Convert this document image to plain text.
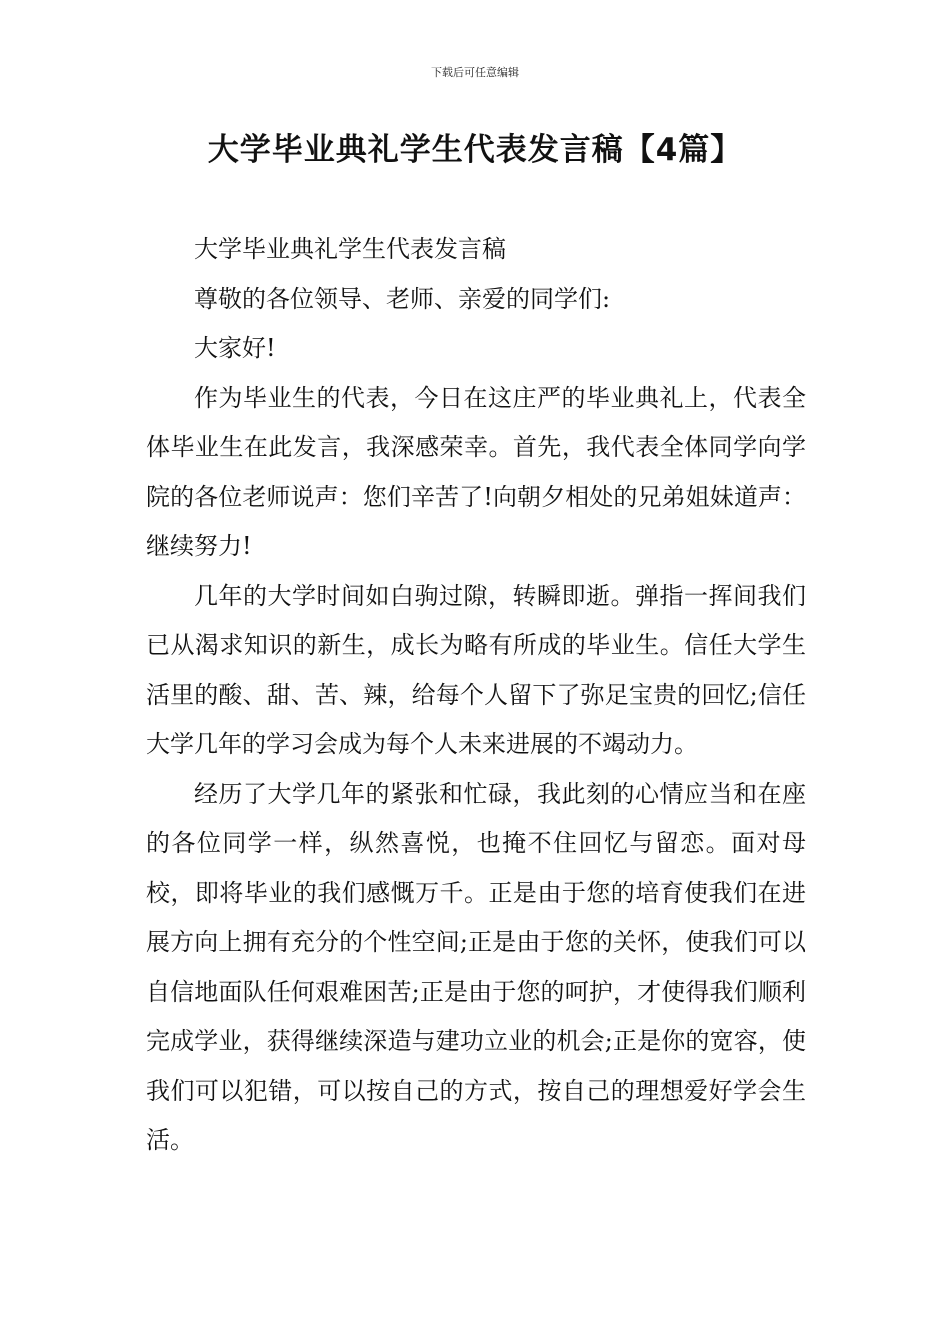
下载后可任意编辑
大学毕业典礼学生代表发言稿【4篇】

大学毕业典礼学生代表发言稿

尊敬的各位领导、老师、亲爱的同学们:

大家好!

作为毕业生的代表，今日在这庄严的毕业典礼上，代表全体毕业生在此发言，我深感荣幸。首先，我代表全体同学向学院的各位老师说声：您们辛苦了!向朝夕相处的兄弟姐妹道声：继续努力!

几年的大学时间如白驹过隙，转瞬即逝。弹指一挥间我们已从渴求知识的新生，成长为略有所成的毕业生。信任大学生活里的酸、甜、苦、辣，给每个人留下了弥足宝贵的回忆;信任大学几年的学习会成为每个人未来进展的不竭动力。

经历了大学几年的紧张和忙碌，我此刻的心情应当和在座的各位同学一样，纵然喜悦，也掩不住回忆与留恋。面对母校，即将毕业的我们感慨万千。正是由于您的培育使我们在进展方向上拥有充分的个性空间;正是由于您的关怀，使我们可以自信地面队任何艰难困苦;正是由于您的呵护，才使得我们顺利完成学业，获得继续深造与建功立业的机会;正是你的宽容，使我们可以犯错，可以按自己的方式，按自己的理想爱好学会生活。
